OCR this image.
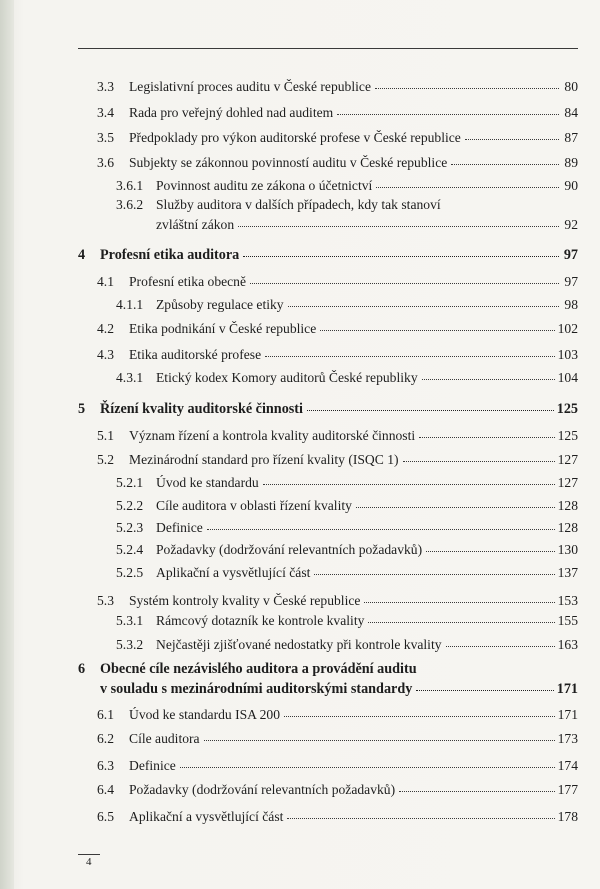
3.3 Legislativní proces auditu v České republice	80
3.4 Rada pro veřejný dohled nad auditem	84
3.5 Předpoklady pro výkon auditorské profese v České republice	87
3.6 Subjekty se zákonnou povinností auditu v České republice	89
3.6.1 Povinnost auditu ze zákona o účetnictví	90
3.6.2 Služby auditora v dalších případech, kdy tak stanoví
zvláštní zákon	92
4 Profesní etika auditora	97
4.1 Profesní etika obecně	97
4.1.1 Způsoby regulace etiky	98
4.2 Etika podnikání v České republice	102
4.3 Etika auditorské profese	103
4.3.1 Etický kodex Komory auditorů České republiky	104
5 Řízení kvality auditorské činnosti	125
5.1 Význam řízení a kontrola kvality auditorské činnosti	125
5.2 Mezinárodní standard pro řízení kvality (ISQC 1)	127
5.2.1 Úvod ke standardu	127
5.2.2 Cíle auditora v oblasti řízení kvality	128
5.2.3 Definice	128
5.2.4 Požadavky (dodržování relevantních požadavků)	130
5.2.5 Aplikační a vysvětlující část	137
5.3 Systém kontroly kvality v České republice	153
5.3.1 Rámcový dotazník ke kontrole kvality	155
5.3.2 Nejčastěji zjišťované nedostatky při kontrole kvality	163
6 Obecné cíle nezávislého auditora a provádění auditu
v souladu s mezinárodními auditorskými standardy	171
6.1 Úvod ke standardu ISA 200	171
6.2 Cíle auditora	173
6.3 Definice	174
6.4 Požadavky (dodržování relevantních požadavků)	177
6.5 Aplikační a vysvětlující část	178
4
